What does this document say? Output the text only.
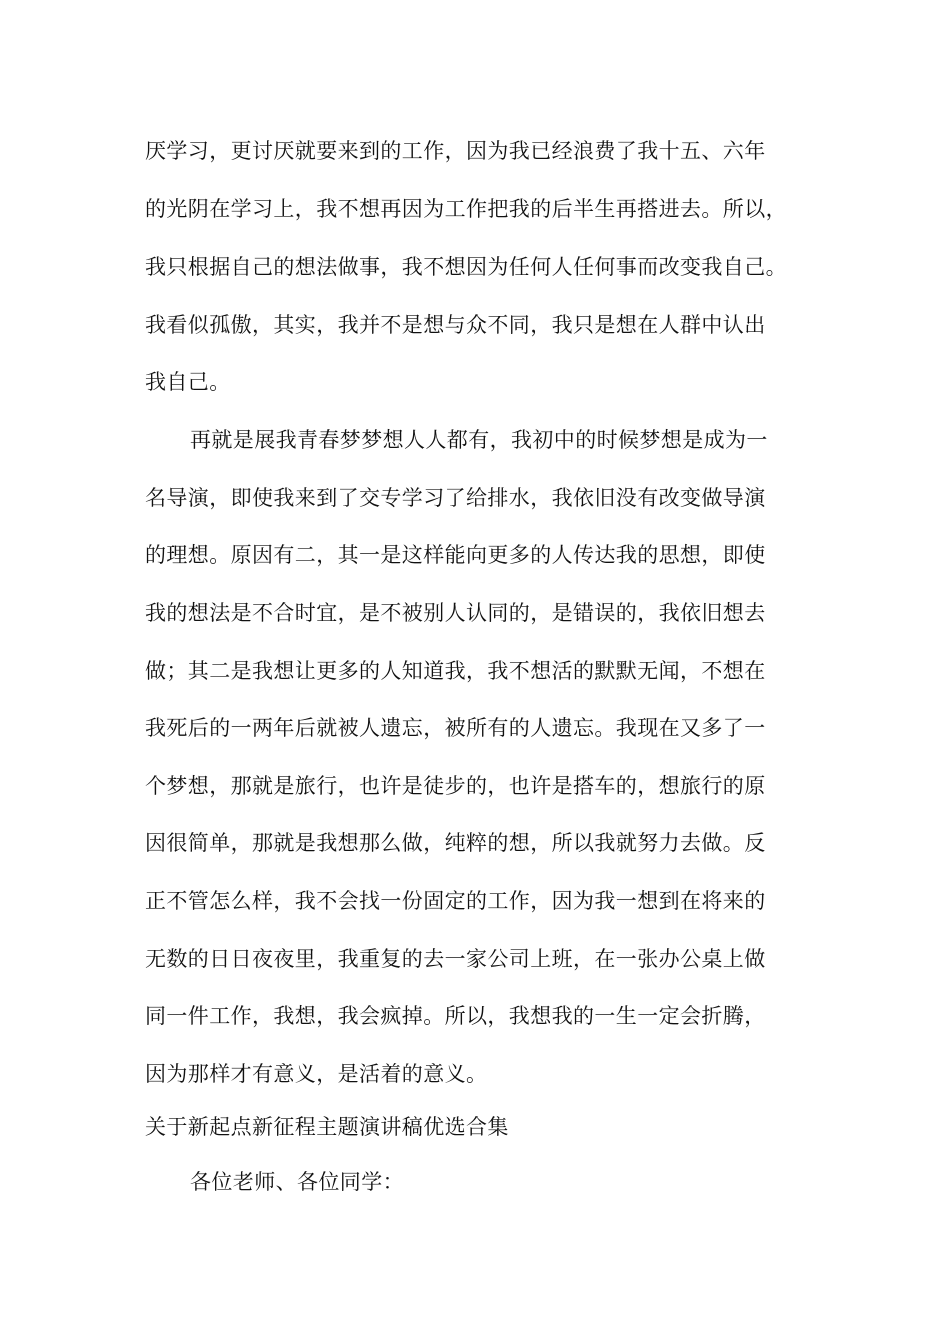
厌学习，更讨厌就要来到的工作，因为我已经浪费了我十五、六年
的光阴在学习上，我不想再因为工作把我的后半生再搭进去。所以，
我只根据自己的想法做事，我不想因为任何人任何事而改变我自己。
我看似孤傲，其实，我并不是想与众不同，我只是想在人群中认出
我自己。
再就是展我青春梦梦想人人都有，我初中的时候梦想是成为一
名导演，即使我来到了交专学习了给排水，我依旧没有改变做导演
的理想。原因有二，其一是这样能向更多的人传达我的思想，即使
我的想法是不合时宜，是不被别人认同的，是错误的，我依旧想去
做；其二是我想让更多的人知道我，我不想活的默默无闻，不想在
我死后的一两年后就被人遗忘，被所有的人遗忘。我现在又多了一
个梦想，那就是旅行，也许是徒步的，也许是搭车的，想旅行的原
因很简单，那就是我想那么做，纯粹的想，所以我就努力去做。反
正不管怎么样，我不会找一份固定的工作，因为我一想到在将来的
无数的日日夜夜里，我重复的去一家公司上班，在一张办公桌上做
同一件工作，我想，我会疯掉。所以，我想我的一生一定会折腾，
因为那样才有意义，是活着的意义。
关于新起点新征程主题演讲稿优选合集
各位老师、各位同学：
